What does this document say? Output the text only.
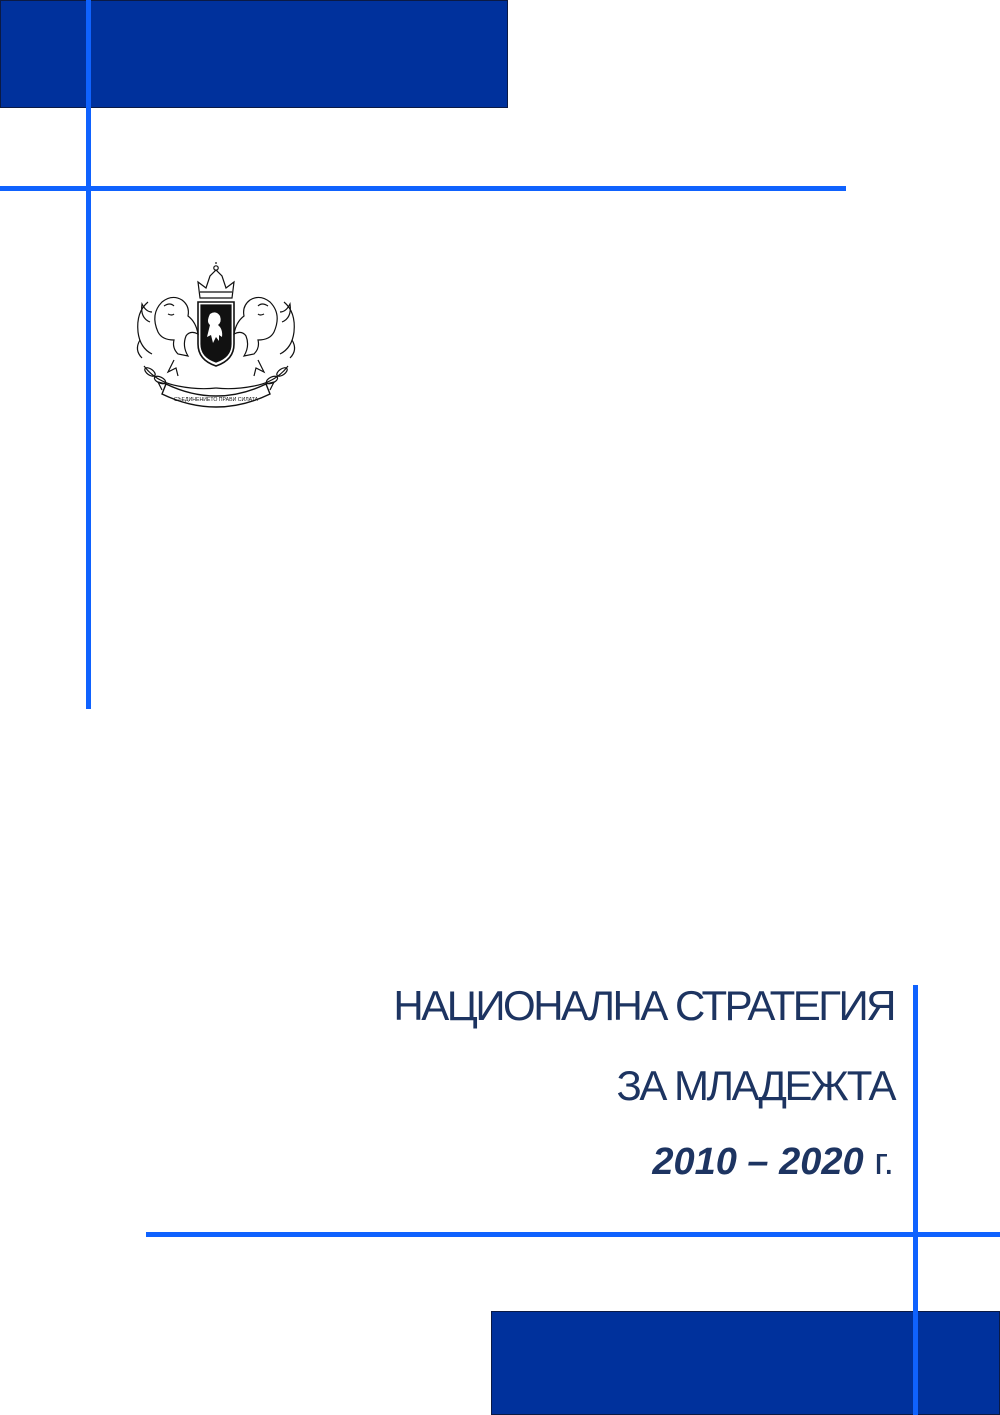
СЪЕДИНЕНИЕТО ПРАВИ СИЛАТА
НАЦИОНАЛНА СТРАТЕГИЯ
ЗА МЛАДЕЖТА
2010 – 2020 г.
